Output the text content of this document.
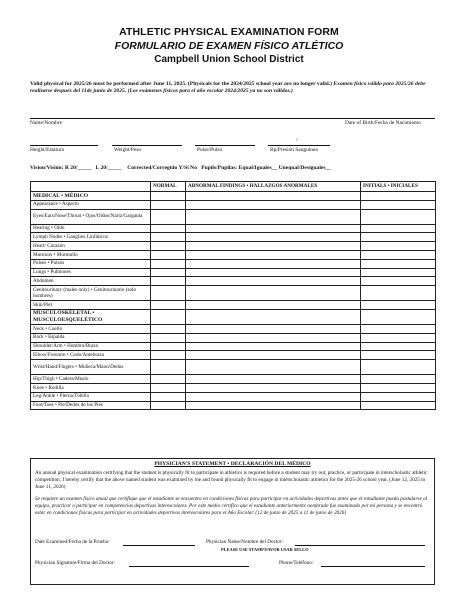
ATHLETIC PHYSICAL EXAMINATION FORM
FORMULARIO DE EXAMEN FÍSICO ATLÉTICO
Campbell Union School District
Valid physical for 2025/26 must be performed after June 11, 2025. (Physicals for the 2024/2025 school year are no longer valid.) Examen físico válido para 2025/26 debe realizarse después del 11de junio de 2025. (Los exámenes físicos para el año escolar 2024/2025 ya no son válidos.)
Name/Nombre	Date of Birth/Fecha de Nacimiento
/
Height/Estatura	Weight/Peso	Pulse/Pulso	Bp/Presión Sanguínea
Vision/Visión: R 20/_____ L 20/_____ Corrected/Corregido Y/Sí No Pupils/Pupilas: Equal/Iguales__ Unequal/Desiguales__
	NORMAL	ABNORMAL FINDINGS • HALLAZGOS ANORMALES	INITIALS • INICIALES
MEDICAL • MÉDICO			
Appearance • Aspecto			
Eyes/Ears/Nose/Throat • Ojos/Oídos/Nariz/Garganta			
Hearing • Oído			
Lymph Nodes • Ganglios Linfáticos			
Heart/ Corazón			
Murmurs • Murmullo			
Pulses • Pulsos			
Lungs • Pulmones			
Abdomen			
Genitourinary (males only) • Genitourinario (solo hombres)			
Skin/Piel			
MUSCULOSKELETAL • MUSCULOESQUELÉTICO			
Neck • Cuello			
Back • Espalda			
Shoulder/Arm • Hombro/Brazo			
Elbow/Forearm • Codo/Antebrazo			
Wrist/Hand/Fingers • Muñeca/Mano/Dedos			
Hip/Thigh • Cadera/Muslo			
Knee • Rodilla			
Leg/Ankle • Pierna/Tobillo			
Foot/Toes • Pie/Dedos de los Pies			
PHYSICIAN'S STATEMENT • DECLARACIÓN DEL MÉDICO
An annual physical examination certifying that the student is physically fit to participate in athletics is required before a student may try out, practice, or participate in interscholastic athletic competition. I hereby certify that the above named student was examined by me and found physically fit to engage in interscholastic athletics for the 2025-26 school year. (June 12, 2025 to June 11, 2026)
Se requiere un examen físico anual que certifique que el estudiante se encuentra en condiciones físicas para participar en actividades deportivas antes que el estudiante pueda postularse al equipo, practicar o participar en competencias deportivas interescolares. Por este medio certifico que el estudiante anteriormente nombrado fue examinado por mí persona y se encontró estar en condiciones físicas para participar en actividades deportivas interescolares para el Año Escolar. (12 de junio de 2025 a 11 de junio de 2026)
Date Examined/Fecha de la Prueba:	Physician Name/Nombre del Doctor:
PLEASE USE STAMP/FAVOR USAR SELLO
Physician Signature/Firma del Doctor:	Phone/Teléfono:
